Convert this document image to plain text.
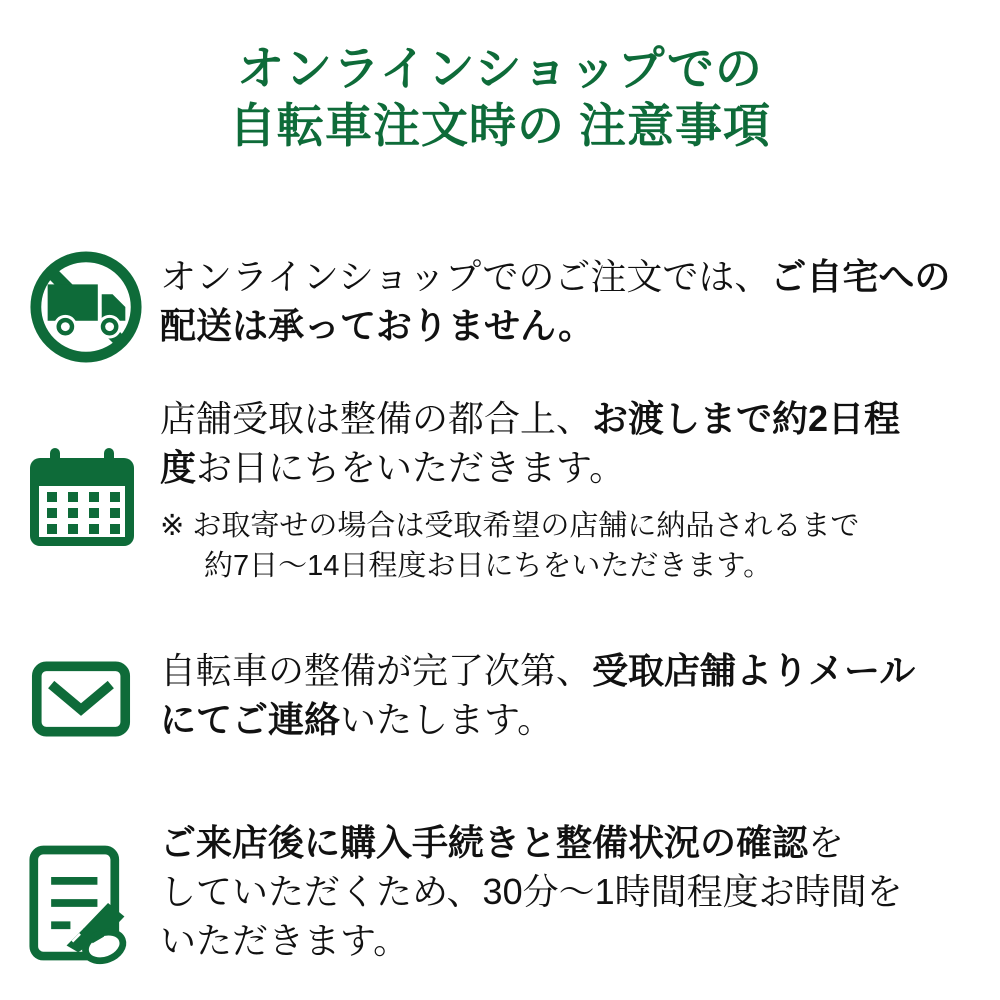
オンラインショップでの
自転車注文時の 注意事項
オンラインショップでのご注文では、ご自宅への
配送は承っておりません。
店舗受取は整備の都合上、お渡しまで約2日程
度お日にちをいただきます。
※ お取寄せの場合は受取希望の店舗に納品されるまで
約7日〜14日程度お日にちをいただきます。
自転車の整備が完了次第、受取店舗よりメール
にてご連絡いたします。
ご来店後に購入手続きと整備状況の確認を
していただくため、30分〜1時間程度お時間を
いただきます。
